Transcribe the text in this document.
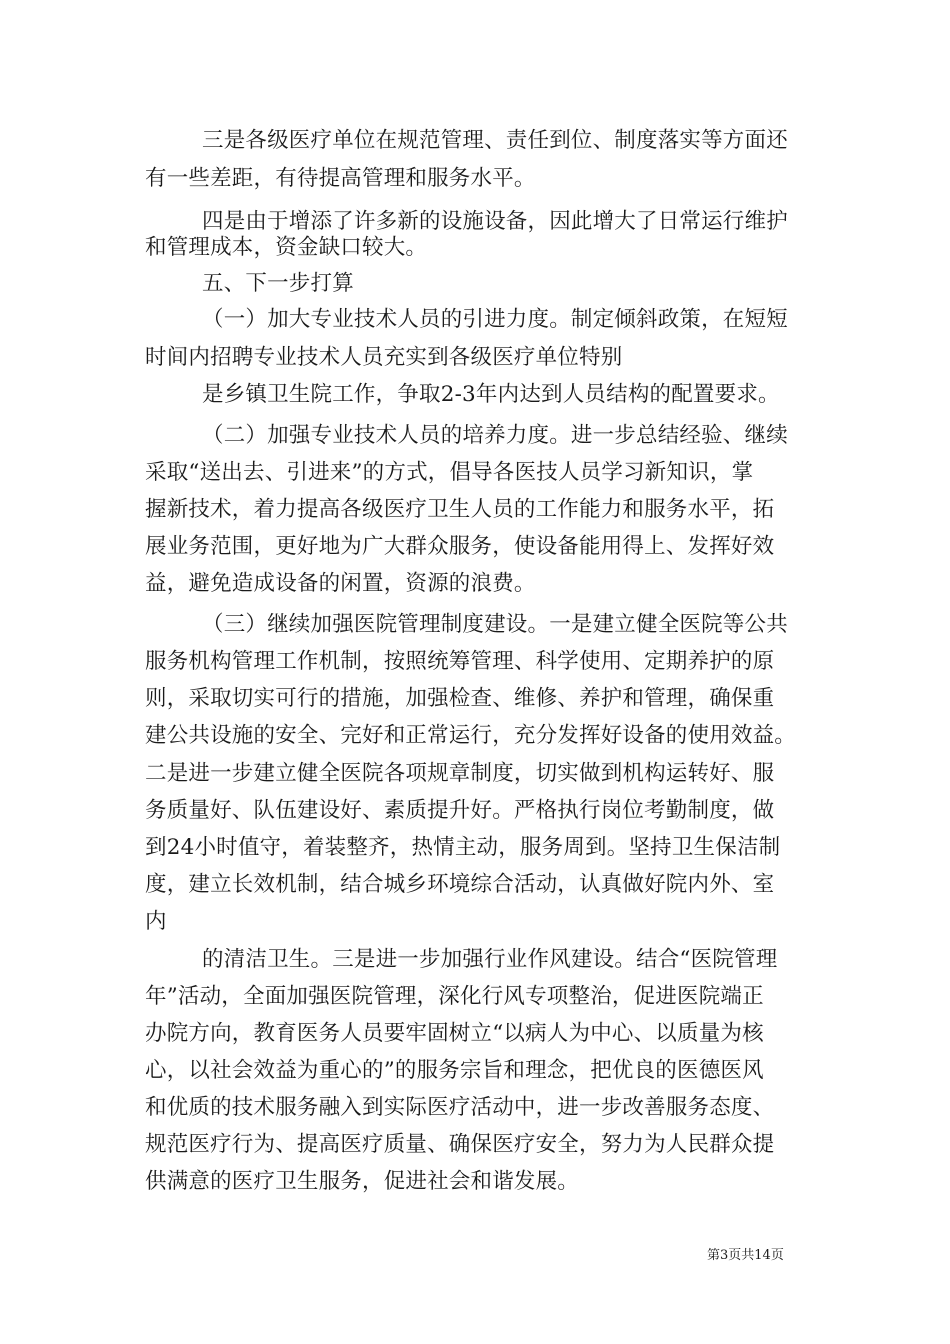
三是各级医疗单位在规范管理、责任到位、制度落实等方面还
有一些差距，有待提高管理和服务水平。
四是由于增添了许多新的设施设备，因此增大了日常运行维护
和管理成本，资金缺口较大。
五、下一步打算
（一）加大专业技术人员的引进力度。制定倾斜政策，在短短
时间内招聘专业技术人员充实到各级医疗单位特别
是乡镇卫生院工作，争取2-3年内达到人员结构的配置要求。
（二）加强专业技术人员的培养力度。进一步总结经验、继续
采取“送出去、引进来”的方式，倡导各医技人员学习新知识，掌
握新技术，着力提高各级医疗卫生人员的工作能力和服务水平，拓
展业务范围，更好地为广大群众服务，使设备能用得上、发挥好效
益，避免造成设备的闲置，资源的浪费。
（三）继续加强医院管理制度建设。一是建立健全医院等公共
服务机构管理工作机制，按照统筹管理、科学使用、定期养护的原
则，采取切实可行的措施，加强检查、维修、养护和管理，确保重
建公共设施的安全、完好和正常运行，充分发挥好设备的使用效益。
二是进一步建立健全医院各项规章制度，切实做到机构运转好、服
务质量好、队伍建设好、素质提升好。严格执行岗位考勤制度，做
到24小时值守，着装整齐，热情主动，服务周到。坚持卫生保洁制
度，建立长效机制，结合城乡环境综合活动，认真做好院内外、室
内
的清洁卫生。三是进一步加强行业作风建设。结合“医院管理
年”活动，全面加强医院管理，深化行风专项整治，促进医院端正
办院方向，教育医务人员要牢固树立“以病人为中心、以质量为核
心，以社会效益为重心的”的服务宗旨和理念，把优良的医德医风
和优质的技术服务融入到实际医疗活动中，进一步改善服务态度、
规范医疗行为、提高医疗质量、确保医疗安全，努力为人民群众提
供满意的医疗卫生服务，促进社会和谐发展。
第3页共14页
